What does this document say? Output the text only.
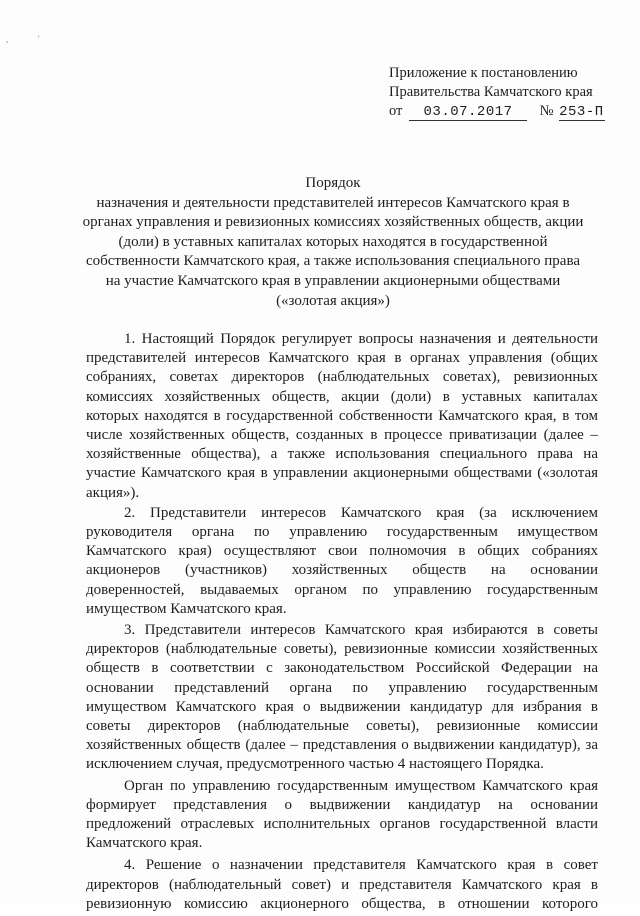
,	'
Приложение к постановлению
Правительства Камчатского края
от 03.07.2017 № 253-П
Порядок
назначения и деятельности представителей интересов Камчатского края в
органах управления и ревизионных комиссиях хозяйственных обществ, акции
(доли) в уставных капиталах которых находятся в государственной
собственности Камчатского края, а также использования специального права
на участие Камчатского края в управлении акционерными обществами
(«золотая акция»)
1. Настоящий Порядок регулирует вопросы назначения и деятельности
представителей интересов Камчатского края в органах управления (общих
собраниях, советах директоров (наблюдательных советах), ревизионных
комиссиях хозяйственных обществ, акции (доли) в уставных капиталах
которых находятся в государственной собственности Камчатского края, в том
числе хозяйственных обществ, созданных в процессе приватизации (далее –
хозяйственные общества), а также использования специального права на
участие Камчатского края в управлении акционерными обществами («золотая
акция»).
2. Представители интересов Камчатского края (за исключением
руководителя органа по управлению государственным имуществом
Камчатского края) осуществляют свои полномочия в общих собраниях
акционеров (участников) хозяйственных обществ на основании
доверенностей, выдаваемых органом по управлению государственным
имуществом Камчатского края.
3. Представители интересов Камчатского края избираются в советы
директоров (наблюдательные советы), ревизионные комиссии хозяйственных
обществ в соответствии с законодательством Российской Федерации на
основании представлений органа по управлению государственным
имуществом Камчатского края о выдвижении кандидатур для избрания в
советы директоров (наблюдательные советы), ревизионные комиссии
хозяйственных обществ (далее – представления о выдвижении кандидатур), за
исключением случая, предусмотренного частью 4 настоящего Порядка.
Орган по управлению государственным имуществом Камчатского края
формирует представления о выдвижении кандидатур на основании
предложений отраслевых исполнительных органов государственной власти
Камчатского края.
4. Решение о назначении представителя Камчатского края в совет
директоров (наблюдательный совет) и представителя Камчатского края в
ревизионную комиссию акционерного общества, в отношении которого
